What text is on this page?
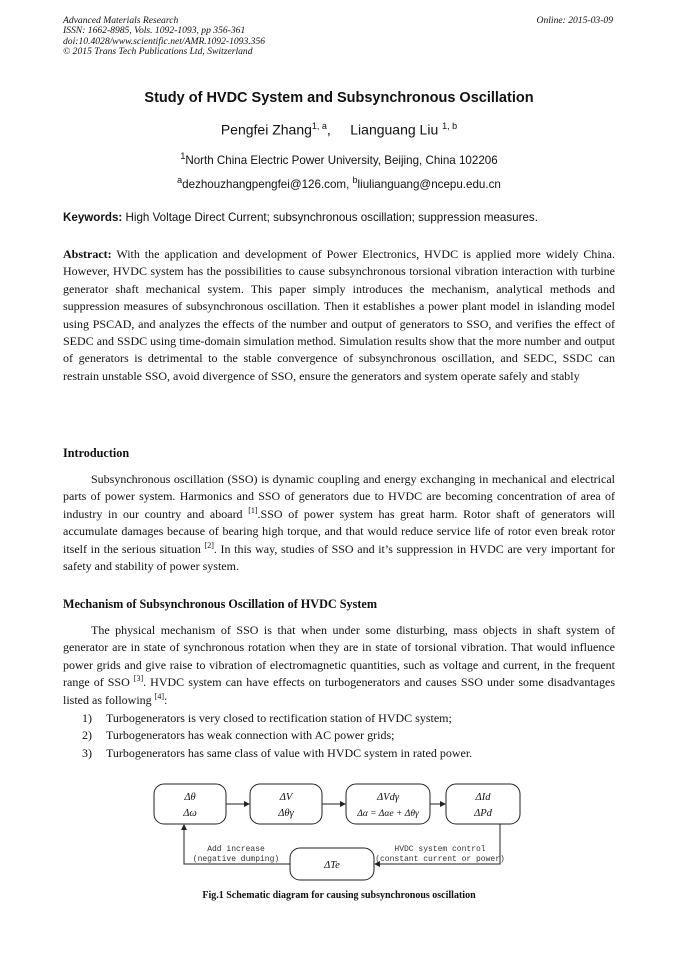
Advanced Materials Research
ISSN: 1662-8985, Vols. 1092-1093, pp 356-361
doi:10.4028/www.scientific.net/AMR.1092-1093.356
© 2015 Trans Tech Publications Ltd, Switzerland
Online: 2015-03-09
Study of HVDC System and Subsynchronous Oscillation
Pengfei Zhang$^{1, a}$,     Lianguang Liu $^{1, b}$
$^1$North China Electric Power University, Beijing, China 102206
$^a$dezhouzhangpengfei@126.com, $^b$liulianguang@ncepu.edu.cn
Keywords: High Voltage Direct Current; subsynchronous oscillation; suppression measures.
Abstract: With the application and development of Power Electronics, HVDC is applied more widely China. However, HVDC system has the possibilities to cause subsynchronous torsional vibration interaction with turbine generator shaft mechanical system. This paper simply introduces the mechanism, analytical methods and suppression measures of subsynchronous oscillation. Then it establishes a power plant model in islanding model using PSCAD, and analyzes the effects of the number and output of generators to SSO, and verifies the effect of SEDC and SSDC using time-domain simulation method. Simulation results show that the more number and output of generators is detrimental to the stable convergence of subsynchronous oscillation, and SEDC, SSDC can restrain unstable SSO, avoid divergence of SSO, ensure the generators and system operate safely and stably
Introduction
Subsynchronous oscillation (SSO) is dynamic coupling and energy exchanging in mechanical and electrical parts of power system. Harmonics and SSO of generators due to HVDC are becoming concentration of area of industry in our country and aboard [1].SSO of power system has great harm. Rotor shaft of generators will accumulate damages because of bearing high torque, and that would reduce service life of rotor even break rotor itself in the serious situation [2]. In this way, studies of SSO and it’s suppression in HVDC are very important for safety and stability of power system.
Mechanism of Subsynchronous Oscillation of HVDC System
The physical mechanism of SSO is that when under some disturbing, mass objects in shaft system of generator are in state of synchronous rotation when they are in state of torsional vibration. That would influence power grids and give raise to vibration of electromagnetic quantities, such as voltage and current, in the frequent range of SSO [3]. HVDC system can have effects on turbogenerators and causes SSO under some disadvantages listed as following [4]:
1) Turbogenerators is very closed to rectification station of HVDC system;
2) Turbogenerators has weak connection with AC power grids;
3) Turbogenerators has same class of value with HVDC system in rated power.
Δθ
Δω
ΔV
Δθγ
ΔVdγ
Δα = Δαe + Δθγ
ΔId
ΔPd
ΔTe
Add increase
(negative dumping)
HVDC system control
(constant current or power)
Fig.1 Schematic diagram for causing subsynchronous oscillation
